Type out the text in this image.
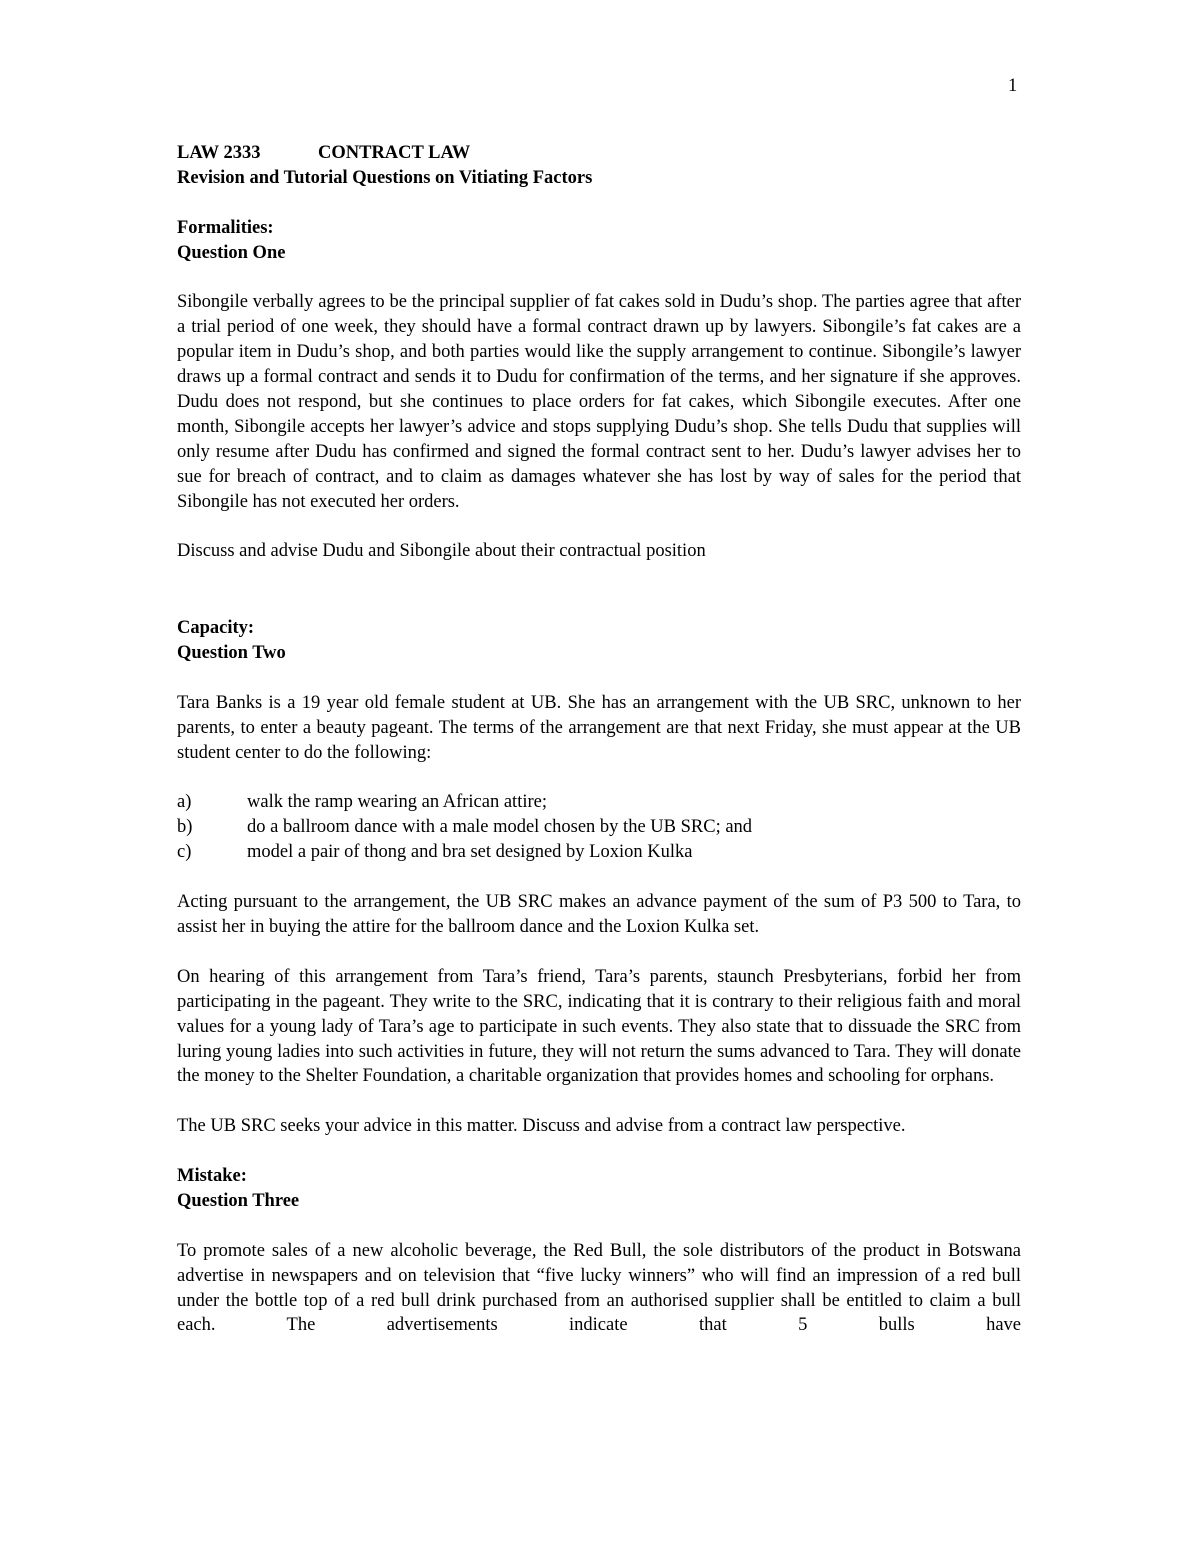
1
LAW 2333	CONTRACT LAW
Revision and Tutorial Questions on Vitiating Factors
Formalities:
Question One

Sibongile verbally agrees to be the principal supplier of fat cakes sold in Dudu’s shop. The parties agree that after a trial period of one week, they should have a formal contract drawn up by lawyers. Sibongile’s fat cakes are a popular item in Dudu’s shop, and both parties would like the supply arrangement to continue. Sibongile’s lawyer draws up a formal contract and sends it to Dudu for confirmation of the terms, and her signature if she approves. Dudu does not respond, but she continues to place orders for fat cakes, which Sibongile executes. After one month, Sibongile accepts her lawyer’s advice and stops supplying Dudu’s shop. She tells Dudu that supplies will only resume after Dudu has confirmed and signed the formal contract sent to her. Dudu’s lawyer advises her to sue for breach of contract, and to claim as damages whatever she has lost by way of sales for the period that Sibongile has not executed her orders.

Discuss and advise Dudu and Sibongile about their contractual position

Capacity:
Question Two

Tara Banks is a 19 year old female student at UB. She has an arrangement with the UB SRC, unknown to her parents, to enter a beauty pageant. The terms of the arrangement are that next Friday, she must appear at the UB student center to do the following:

a)	walk the ramp wearing an African attire;
b)	do a ballroom dance with a male model chosen by the UB SRC; and
c)	model a pair of thong and bra set designed by Loxion Kulka

Acting pursuant to the arrangement, the UB SRC makes an advance payment of the sum of P3 500 to Tara, to assist her in buying the attire for the ballroom dance and the Loxion Kulka set.

On hearing of this arrangement from Tara’s friend, Tara’s parents, staunch Presbyterians, forbid her from participating in the pageant. They write to the SRC, indicating that it is contrary to their religious faith and moral values for a young lady of Tara’s age to participate in such events. They also state that to dissuade the SRC from luring young ladies into such activities in future, they will not return the sums advanced to Tara. They will donate the money to the Shelter Foundation, a charitable organization that provides homes and schooling for orphans.

The UB SRC seeks your advice in this matter. Discuss and advise from a contract law perspective.

Mistake:
Question Three

To promote sales of a new alcoholic beverage, the Red Bull, the sole distributors of the product in Botswana advertise in newspapers and on television that “five lucky winners” who will find an impression of a red bull under the bottle top of a red bull drink purchased from an authorised supplier shall be entitled to claim a bull each. The advertisements indicate that 5 bulls have
